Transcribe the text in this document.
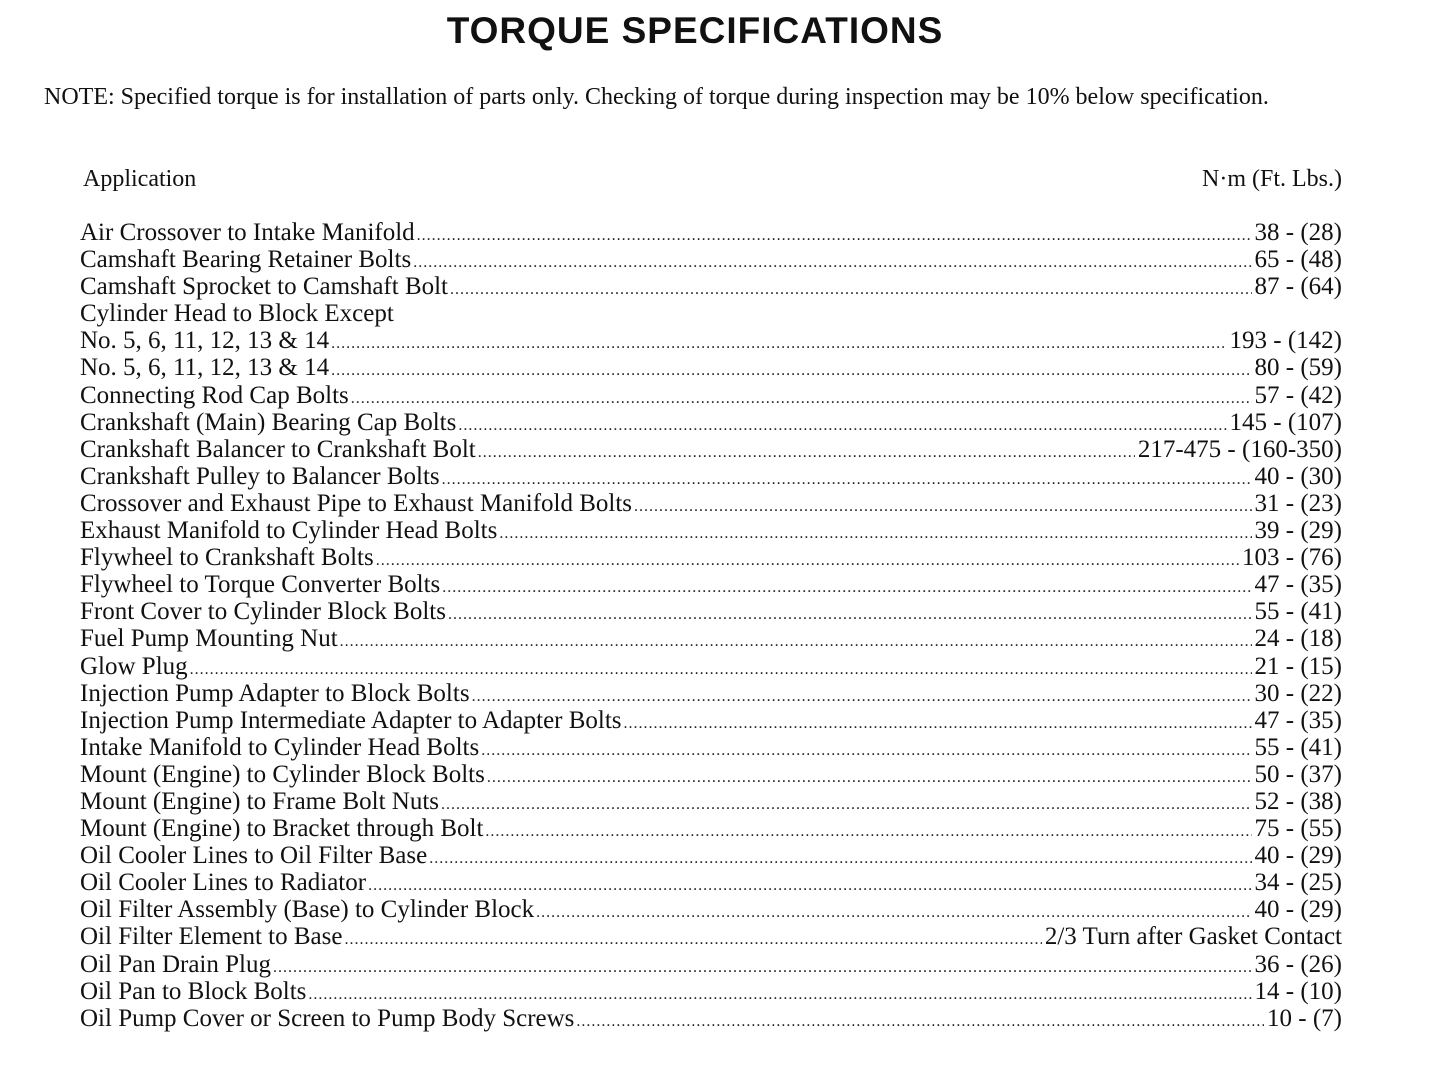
TORQUE SPECIFICATIONS
NOTE: Specified torque is for installation of parts only. Checking of torque during inspection may be 10% below specification.
Application	N·m (Ft. Lbs.)
Air Crossover to Intake Manifold .....	38 - (28)
Camshaft Bearing Retainer Bolts .....	65 - (48)
Camshaft Sprocket to Camshaft Bolt .....	87 - (64)
Cylinder Head to Block Except
No. 5, 6, 11, 12, 13 & 14 .....	193 - (142)
No. 5, 6, 11, 12, 13 & 14 .....	80 - (59)
Connecting Rod Cap Bolts .....	57 - (42)
Crankshaft (Main) Bearing Cap Bolts .....	145 - (107)
Crankshaft Balancer to Crankshaft Bolt .....	217-475 - (160-350)
Crankshaft Pulley to Balancer Bolts .....	40 - (30)
Crossover and Exhaust Pipe to Exhaust Manifold Bolts .....	31 - (23)
Exhaust Manifold to Cylinder Head Bolts .....	39 - (29)
Flywheel to Crankshaft Bolts .....	103 - (76)
Flywheel to Torque Converter Bolts .....	47 - (35)
Front Cover to Cylinder Block Bolts .....	55 - (41)
Fuel Pump Mounting Nut .....	24 - (18)
Glow Plug .....	21 - (15)
Injection Pump Adapter to Block Bolts .....	30 - (22)
Injection Pump Intermediate Adapter to Adapter Bolts .....	47 - (35)
Intake Manifold to Cylinder Head Bolts .....	55 - (41)
Mount (Engine) to Cylinder Block Bolts .....	50 - (37)
Mount (Engine) to Frame Bolt Nuts .....	52 - (38)
Mount (Engine) to Bracket through Bolt .....	75 - (55)
Oil Cooler Lines to Oil Filter Base .....	40 - (29)
Oil Cooler Lines to Radiator .....	34 - (25)
Oil Filter Assembly (Base) to Cylinder Block .....	40 - (29)
Oil Filter Element to Base .....	2/3 Turn after Gasket Contact
Oil Pan Drain Plug .....	36 - (26)
Oil Pan to Block Bolts .....	14 - (10)
Oil Pump Cover or Screen to Pump Body Screws .....	10 - (7)
